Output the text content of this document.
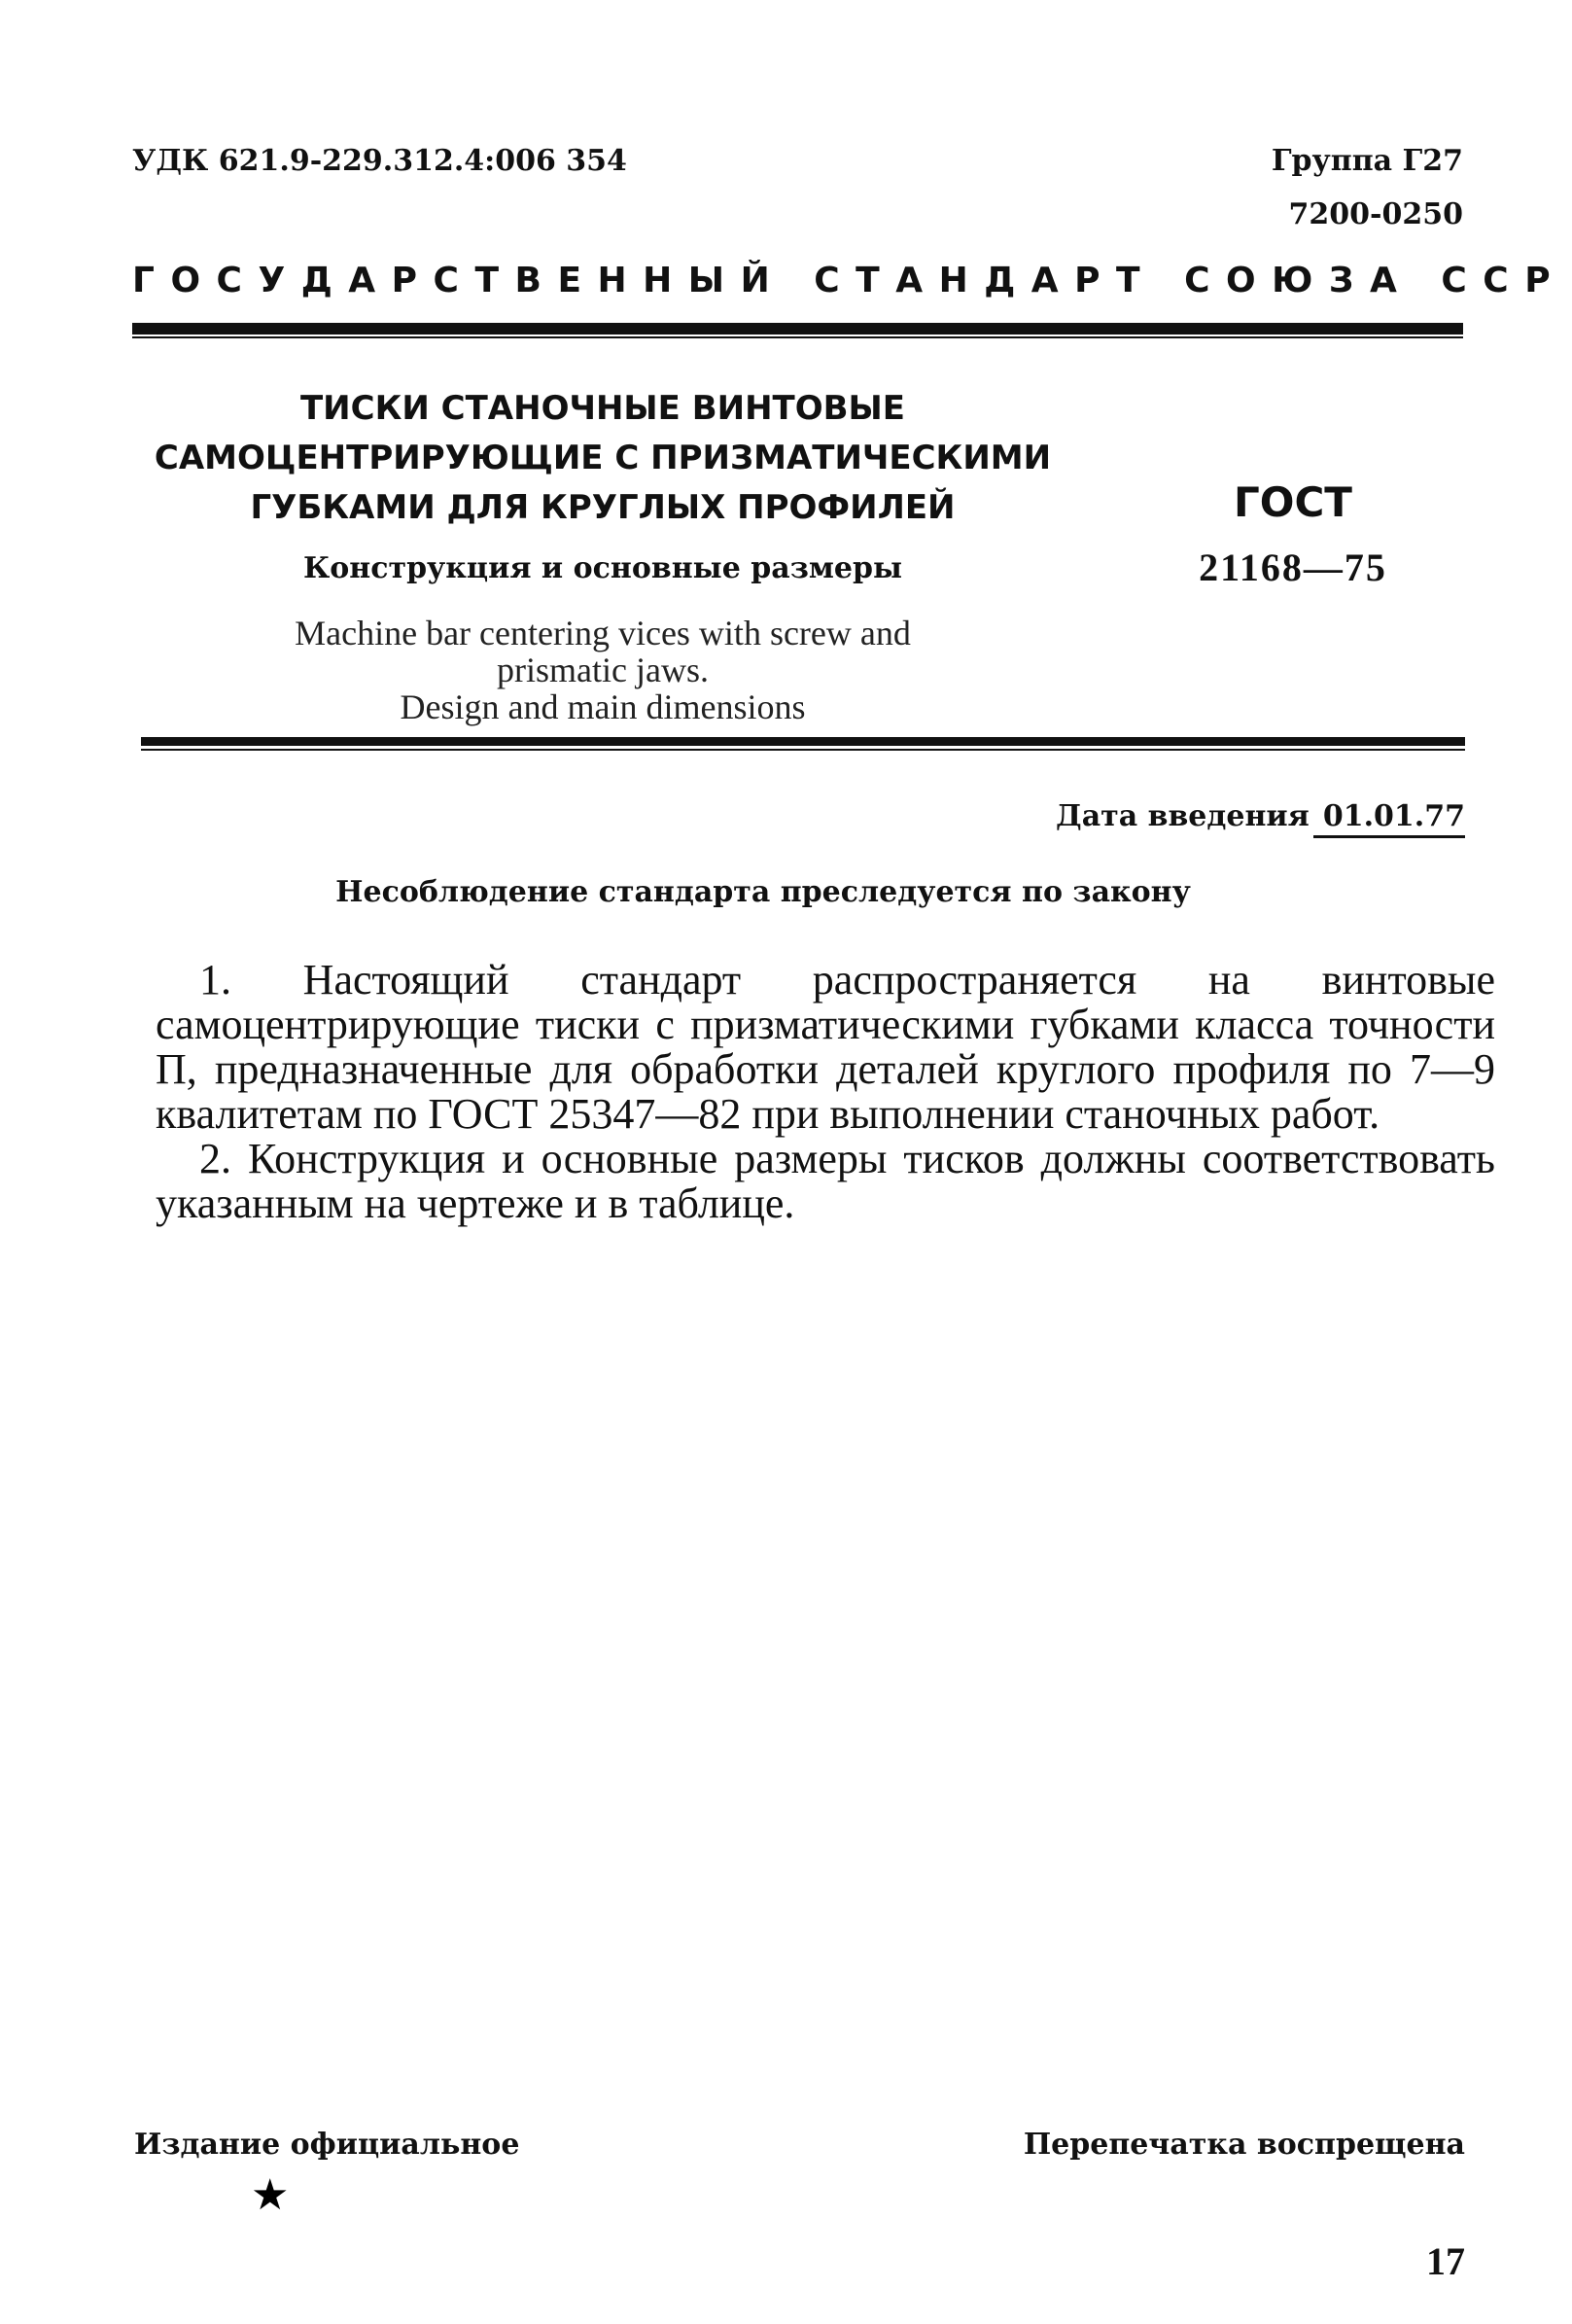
УДК 621.9-229.312.4:006 354	Группа Г27
7200-0250
ГОСУДАРСТВЕННЫЙ СТАНДАРТ СОЮЗА ССР
ТИСКИ СТАНОЧНЫЕ ВИНТОВЫЕ
САМОЦЕНТРИРУЮЩИЕ С ПРИЗМАТИЧЕСКИМИ
ГУБКАМИ ДЛЯ КРУГЛЫХ ПРОФИЛЕЙ
Конструкция и основные размеры
Machine bar centering vices with screw and
prismatic jaws.
Design and main dimensions
ГОСТ
21168—75
Дата введения 01.01.77
Несоблюдение стандарта преследуется по закону

1. Настоящий стандарт распространяется на винтовые самоцентрирующие тиски с призматическими губками класса точности П, предназначенные для обработки деталей круглого профиля по 7—9 квалитетам по ГОСТ 25347—82 при выполнении станочных работ.

2. Конструкция и основные размеры тисков должны соответствовать указанным на чертеже и в таблице.

Издание официальное
★
Перепечатка воспрещена
17
